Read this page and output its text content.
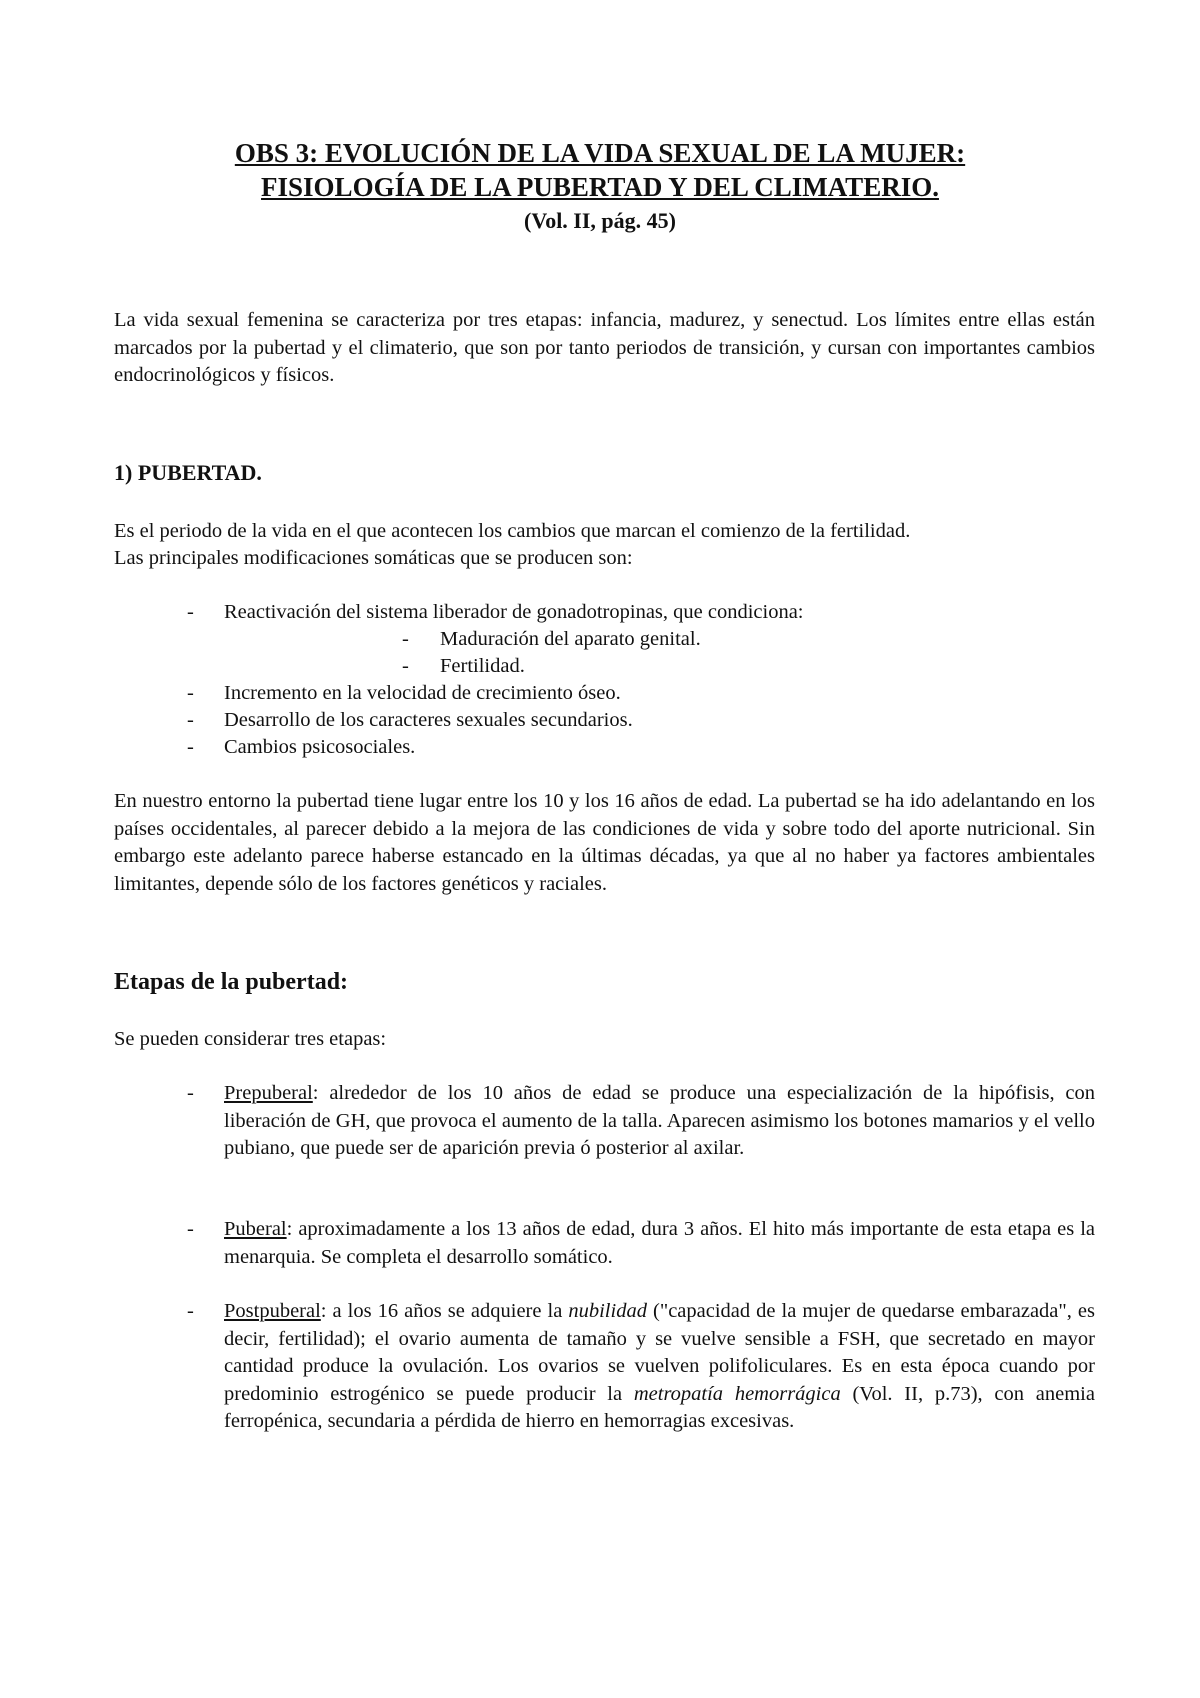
OBS 3: EVOLUCIÓN DE LA VIDA SEXUAL DE LA MUJER:
FISIOLOGÍA DE LA PUBERTAD Y DEL CLIMATERIO.
(Vol. II, pág. 45)
La vida sexual femenina se caracteriza por tres etapas: infancia, madurez, y senectud. Los límites entre ellas están marcados por la pubertad y el climaterio, que son por tanto periodos de transición, y cursan con importantes cambios endocrinológicos y físicos.
1) PUBERTAD.
Es el periodo de la vida en el que acontecen los cambios que marcan el comienzo de la fertilidad.
Las principales modificaciones somáticas que se producen son:
- Reactivación del sistema liberador de gonadotropinas, que condiciona:
- Maduración del aparato genital.
- Fertilidad.
- Incremento en la velocidad de crecimiento óseo.
- Desarrollo de los caracteres sexuales secundarios.
- Cambios psicosociales.
En nuestro entorno la pubertad tiene lugar entre los 10 y los 16 años de edad. La pubertad se ha ido adelantando en los países occidentales, al parecer debido a la mejora de las condiciones de vida y sobre todo del aporte nutricional. Sin embargo este adelanto parece haberse estancado en la últimas décadas, ya que al no haber ya factores ambientales limitantes, depende sólo de los factores genéticos y raciales.
Etapas de la pubertad:
Se pueden considerar tres etapas:
- Prepuberal: alrededor de los 10 años de edad se produce una especialización de la hipófisis, con liberación de GH, que provoca el aumento de la talla. Aparecen asimismo los botones mamarios y el vello pubiano, que puede ser de aparición previa ó posterior al axilar.
- Puberal: aproximadamente a los 13 años de edad, dura 3 años. El hito más importante de esta etapa es la menarquia. Se completa el desarrollo somático.
- Postpuberal: a los 16 años se adquiere la nubilidad ("capacidad de la mujer de quedarse embarazada", es decir, fertilidad); el ovario aumenta de tamaño y se vuelve sensible a FSH, que secretado en mayor cantidad produce la ovulación. Los ovarios se vuelven polifoliculares. Es en esta época cuando por predominio estrogénico se puede producir la metropatía hemorrágica (Vol. II, p.73), con anemia ferropénica, secundaria a pérdida de hierro en hemorragias excesivas.
